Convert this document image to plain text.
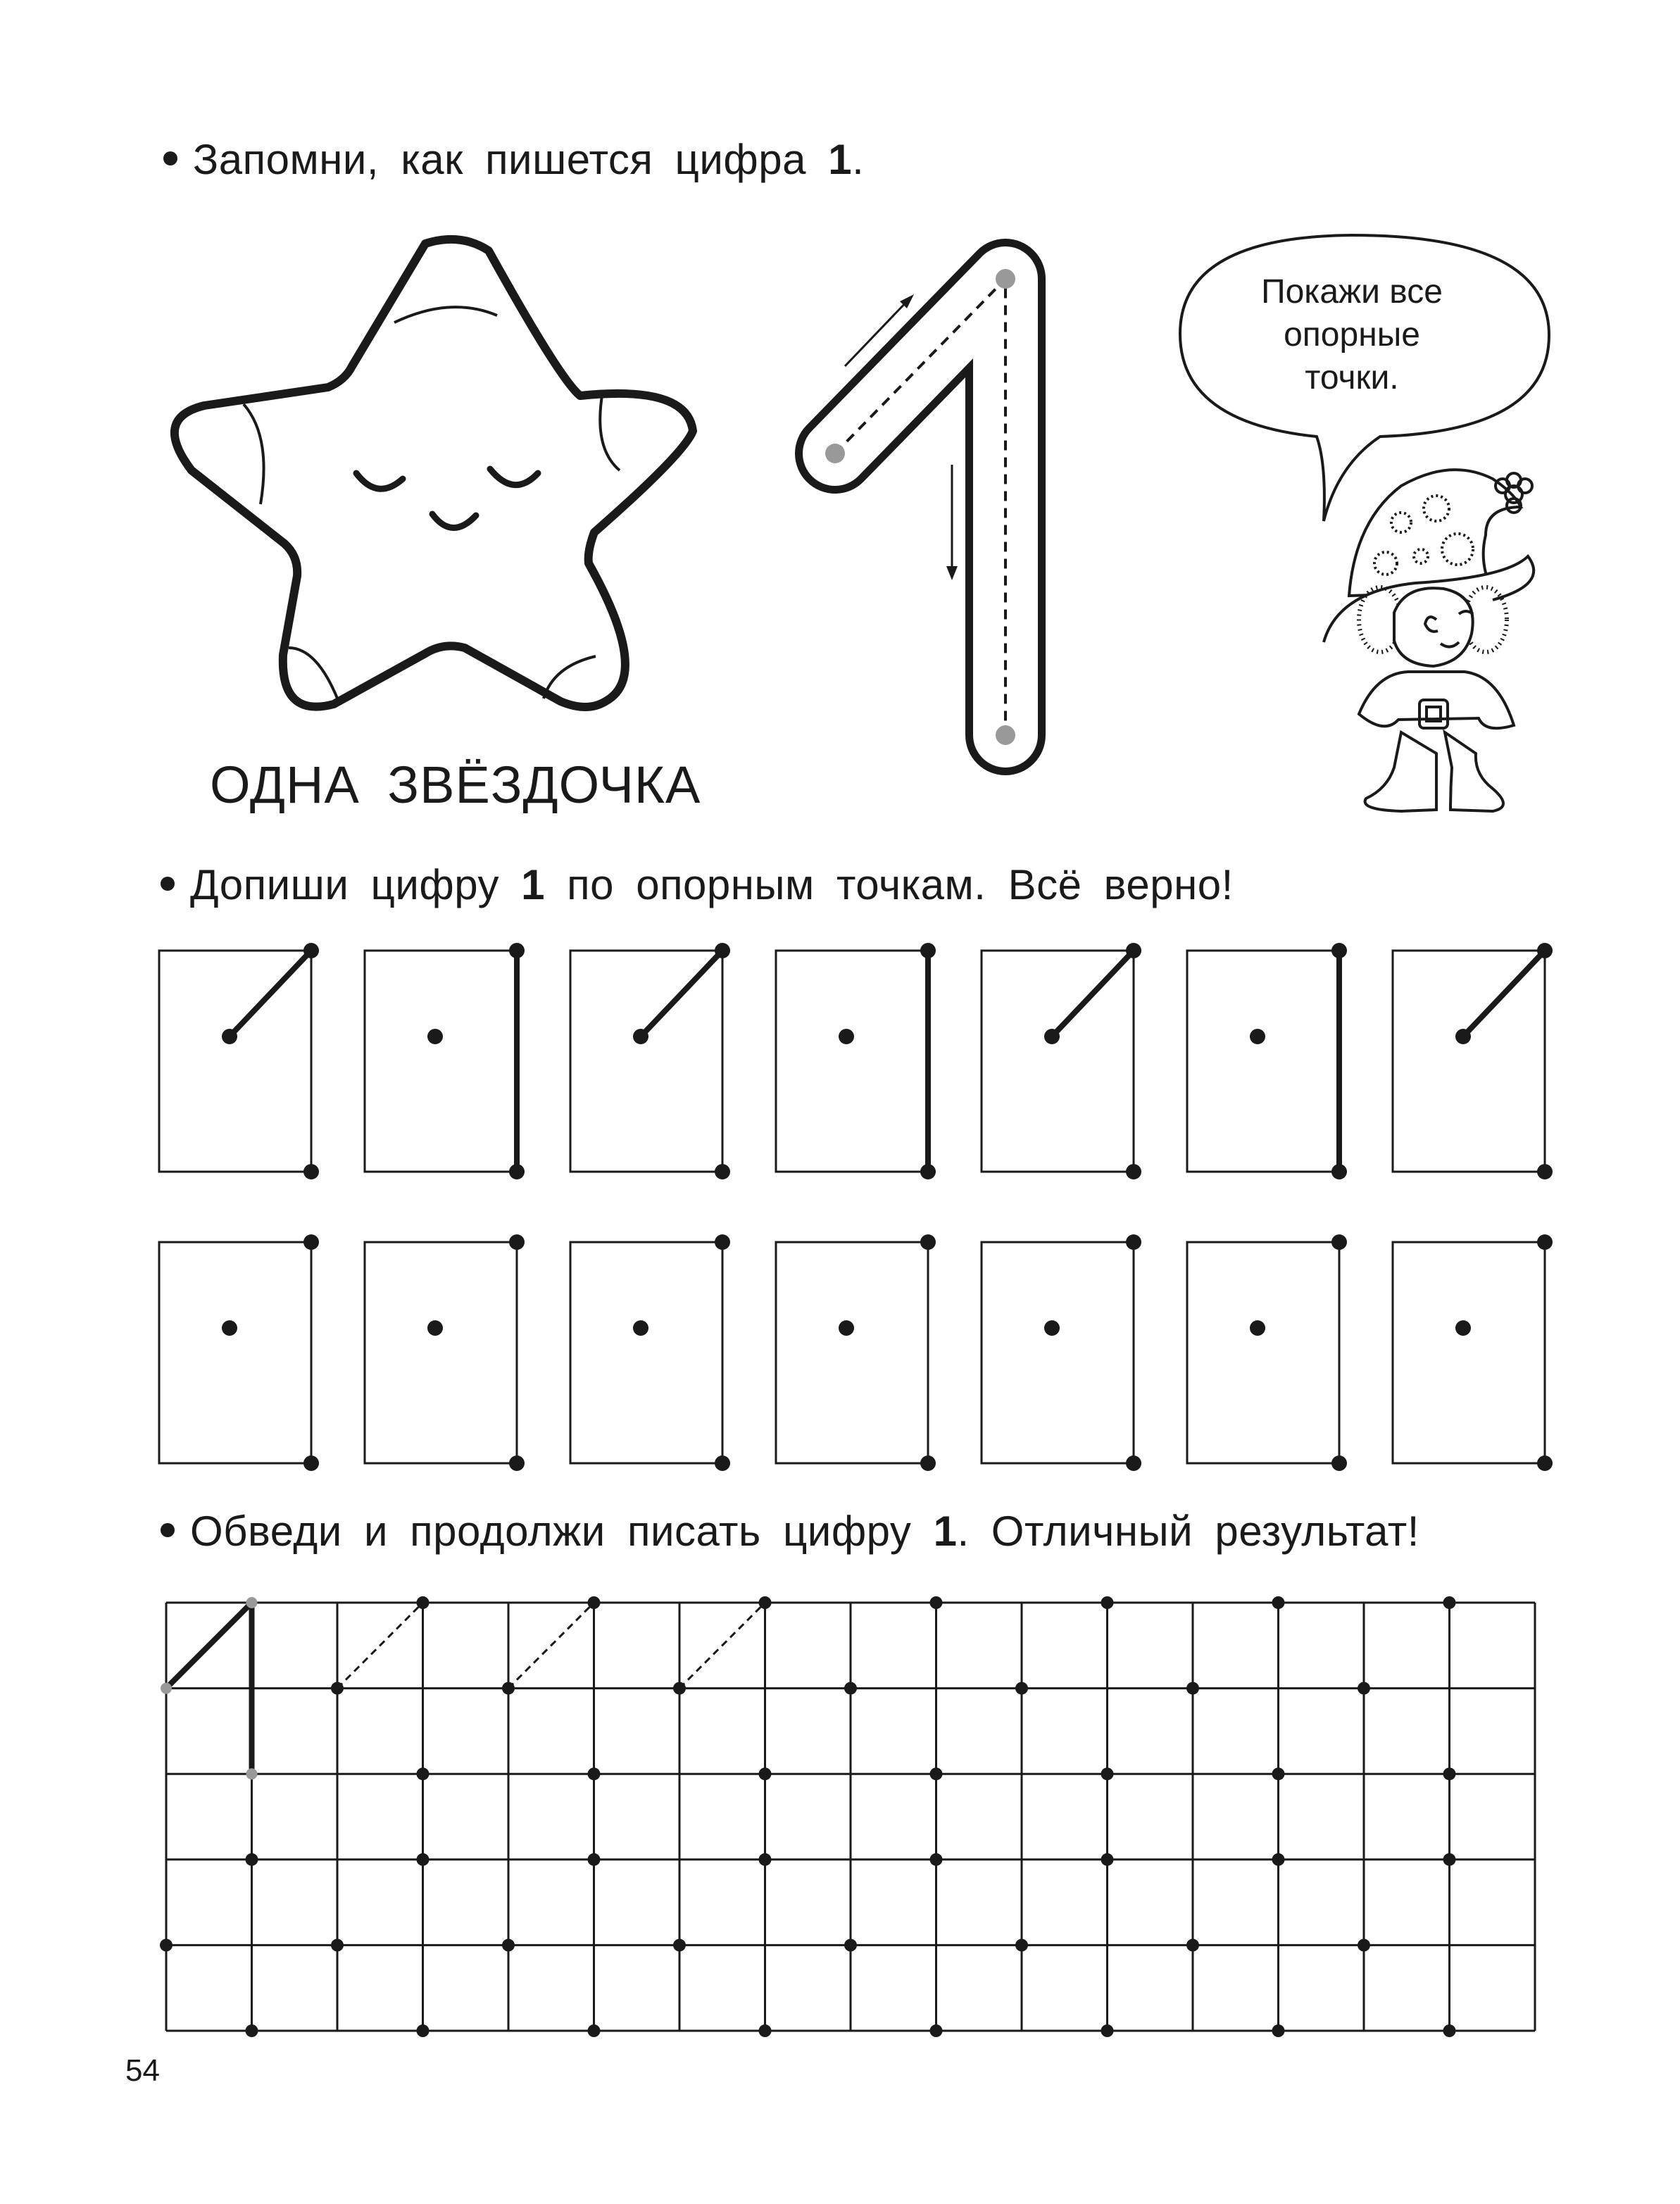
Запомни, как пишется цифра 1.
ОДНА ЗВЁЗДОЧКА
Покажи все
опорные
точки.
Допиши цифру 1 по опорным точкам. Всё верно!
Обведи и продолжи писать цифру 1. Отличный результат!
54
